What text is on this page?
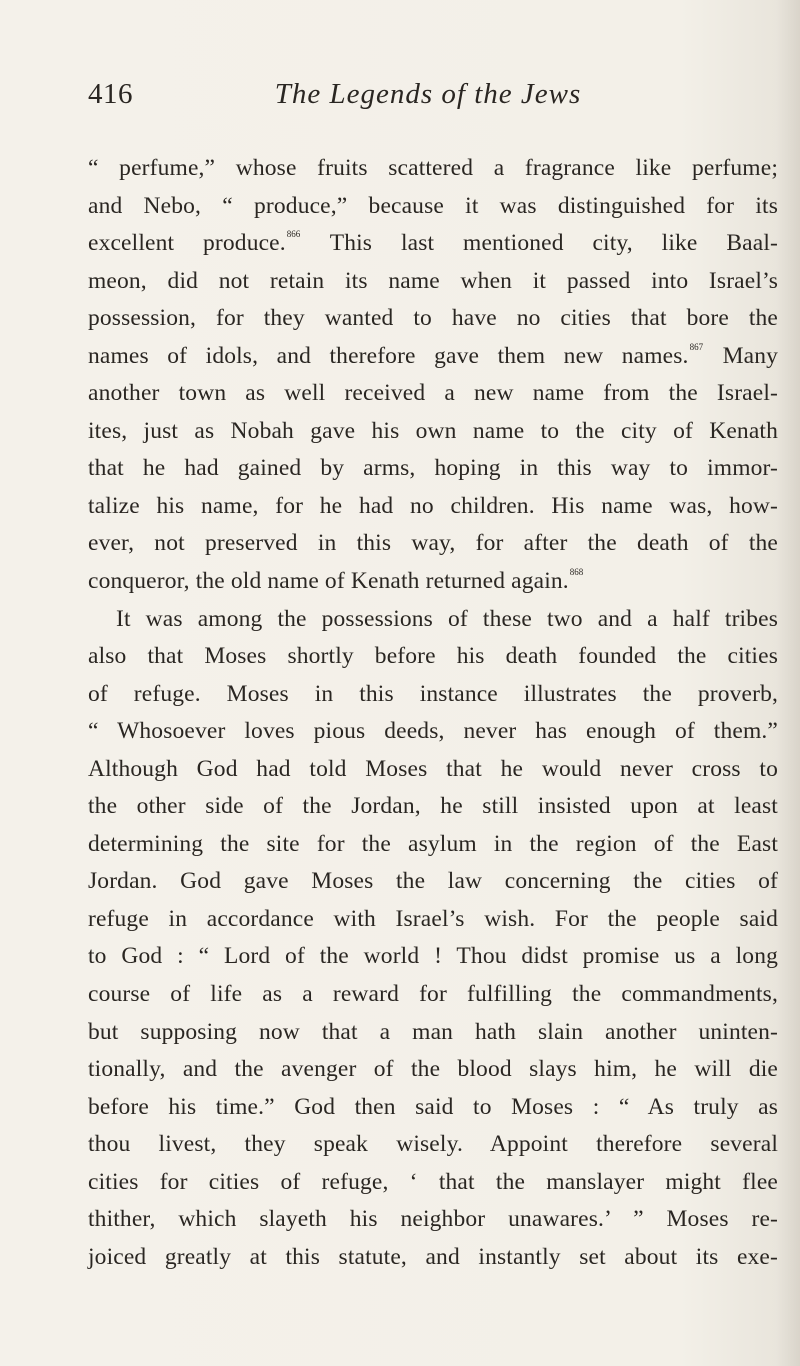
416	The Legends of the Jews
“ perfume,” whose fruits scattered a fragrance like perfume;
and Nebo, “ produce,” because it was distinguished for its
excellent produce.$^{866}$ This last mentioned city, like Baal-
meon, did not retain its name when it passed into Israel’s
possession, for they wanted to have no cities that bore the
names of idols, and therefore gave them new names.$^{867}$ Many
another town as well received a new name from the Israel-
ites, just as Nobah gave his own name to the city of Kenath
that he had gained by arms, hoping in this way to immor-
talize his name, for he had no children. His name was, how-
ever, not preserved in this way, for after the death of the
conqueror, the old name of Kenath returned again.$^{868}$
It was among the possessions of these two and a half tribes
also that Moses shortly before his death founded the cities
of refuge. Moses in this instance illustrates the proverb,
“ Whosoever loves pious deeds, never has enough of them.”
Although God had told Moses that he would never cross to
the other side of the Jordan, he still insisted upon at least
determining the site for the asylum in the region of the East
Jordan. God gave Moses the law concerning the cities of
refuge in accordance with Israel’s wish. For the people said
to God : “ Lord of the world ! Thou didst promise us a long
course of life as a reward for fulfilling the commandments,
but supposing now that a man hath slain another uninten-
tionally, and the avenger of the blood slays him, he will die
before his time.” God then said to Moses : “ As truly as
thou livest, they speak wisely. Appoint therefore several
cities for cities of refuge, ‘ that the manslayer might flee
thither, which slayeth his neighbor unawares.’ ” Moses re-
joiced greatly at this statute, and instantly set about its exe-
